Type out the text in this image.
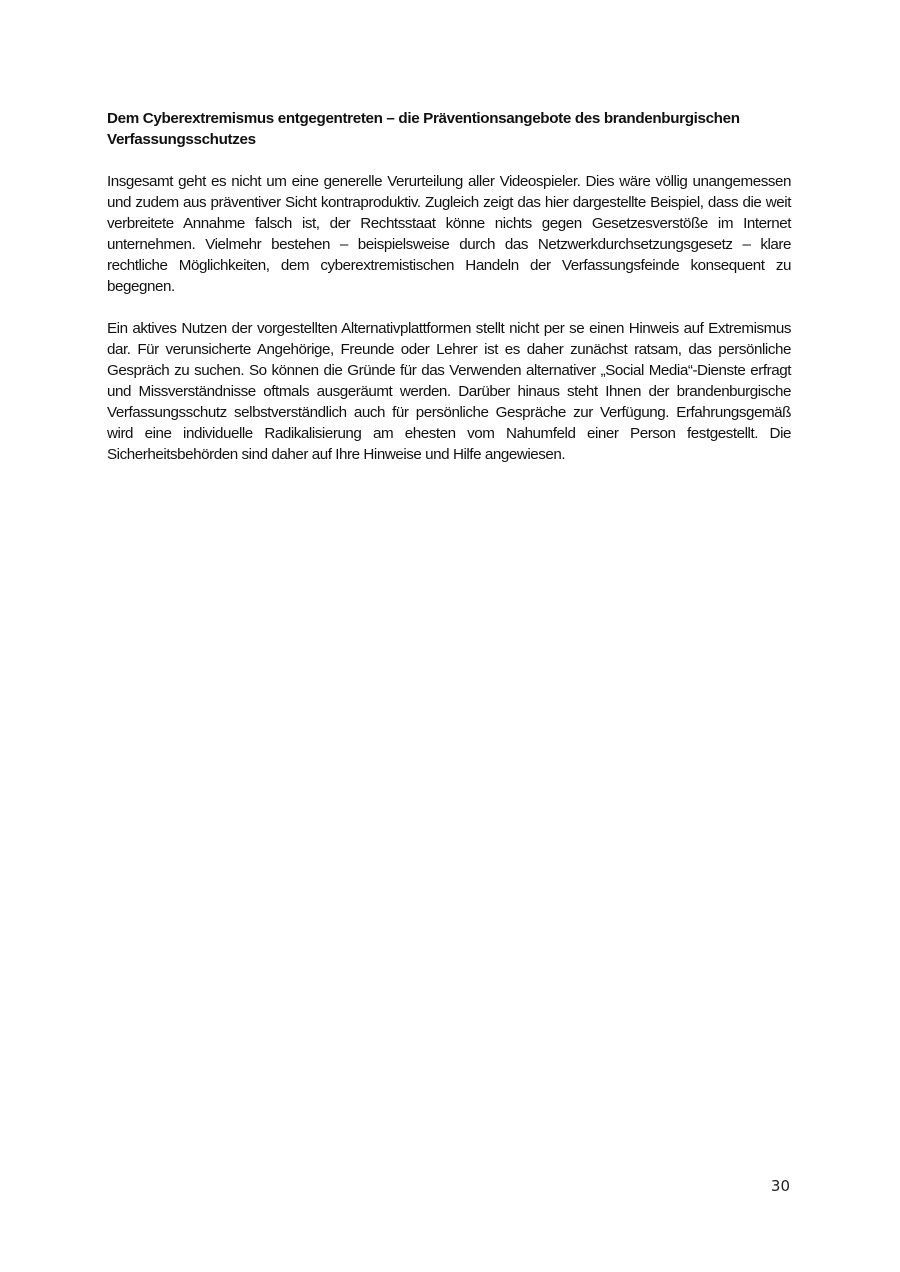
Dem Cyberextremismus entgegentreten – die Präventionsangebote des brandenburgischen Verfassungsschutzes

Insgesamt geht es nicht um eine generelle Verurteilung aller Videospieler. Dies wäre völlig unangemessen und zudem aus präventiver Sicht kontraproduktiv. Zugleich zeigt das hier dargestellte Beispiel, dass die weit verbreitete Annahme falsch ist, der Rechtsstaat könne nichts gegen Gesetzesverstöße im Internet unternehmen. Vielmehr bestehen – beispielsweise durch das Netzwerkdurchsetzungsgesetz – klare rechtliche Möglichkeiten, dem cyberextremistischen Handeln der Verfassungsfeinde konsequent zu begegnen.

Ein aktives Nutzen der vorgestellten Alternativplattformen stellt nicht per se einen Hinweis auf Extremismus dar. Für verunsicherte Angehörige, Freunde oder Lehrer ist es daher zunächst ratsam, das persönliche Gespräch zu suchen. So können die Gründe für das Verwenden alternativer „Social Media“-Dienste erfragt und Missverständnisse oftmals ausgeräumt werden. Darüber hinaus steht Ihnen der brandenburgische Verfassungsschutz selbstverständlich auch für persönliche Gespräche zur Verfügung. Erfahrungsgemäß wird eine individuelle Radikalisierung am ehesten vom Nahumfeld einer Person festgestellt. Die Sicherheitsbehörden sind daher auf Ihre Hinweise und Hilfe angewiesen.

30
